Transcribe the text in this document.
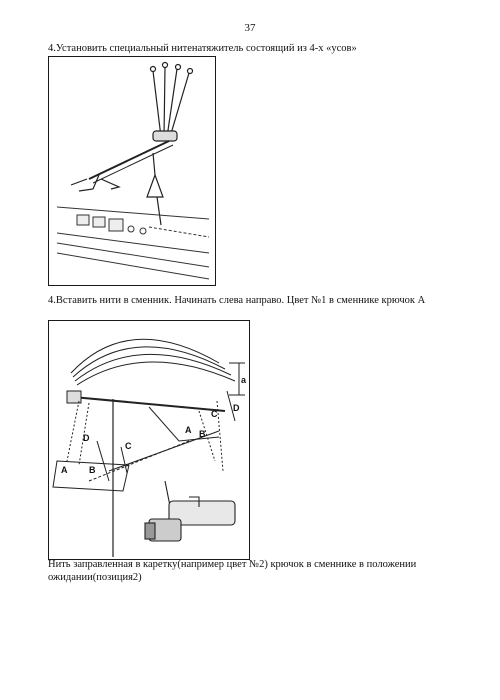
37
4.Установить специальный нитенатяжитель состоящий из 4-х «усов»
4.Вставить нити в сменник. Начинать слева направо. Цвет №1 в сменнике крючок А
D
A B
C
A B
C
D
a
Нить заправленная в каретку(например цвет №2) крючок в сменнике в положении ожидании(позиция2)
